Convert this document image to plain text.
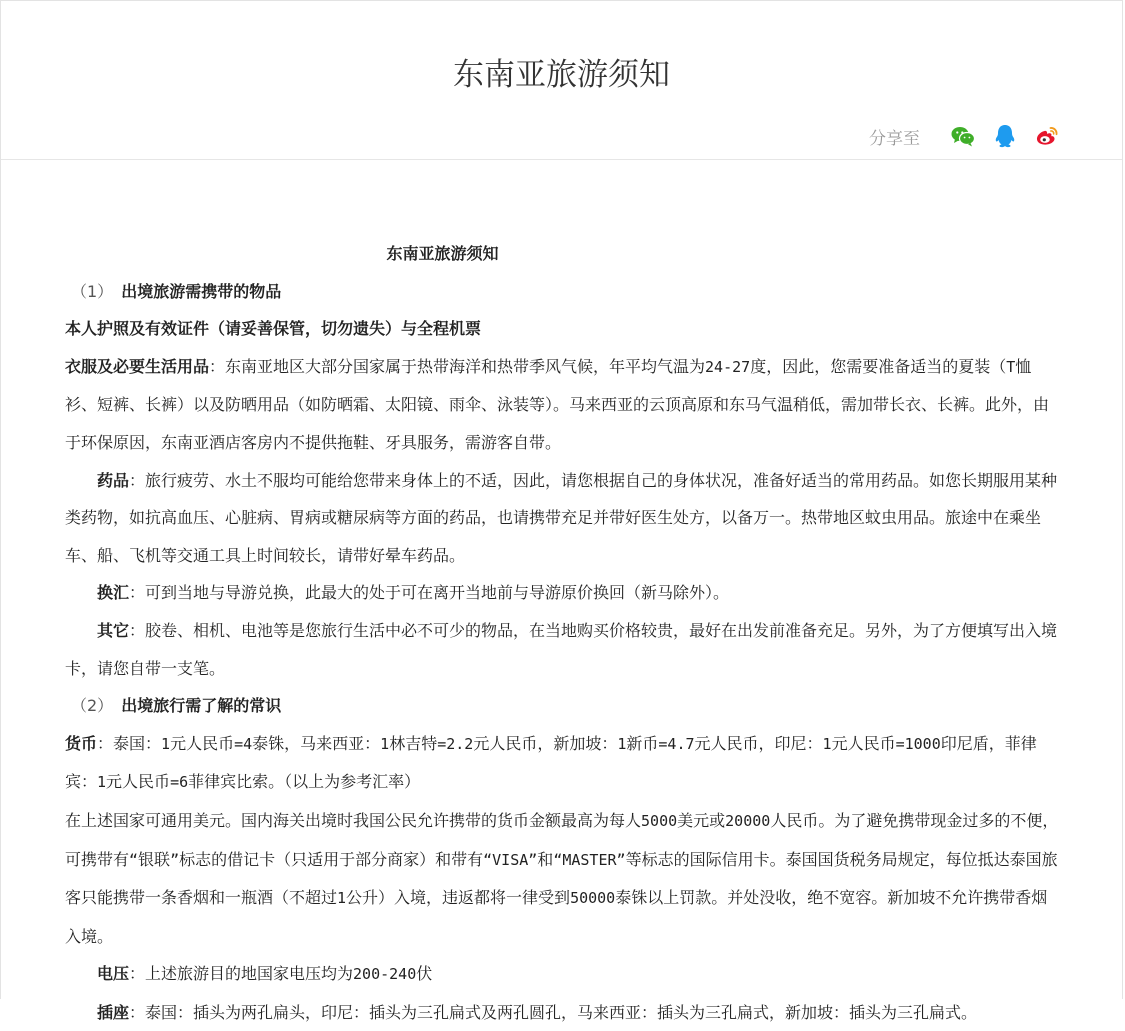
东南亚旅游须知
分享至

东南亚旅游须知

（1） 出境旅游需携带的物品

本人护照及有效证件（请妥善保管，切勿遗失）与全程机票

衣服及必要生活用品：东南亚地区大部分国家属于热带海洋和热带季风气候，年平均气温为24-27度，因此，您需要准备适当的夏装（T恤衫、短裤、长裤）以及防晒用品（如防晒霜、太阳镜、雨伞、泳装等）。马来西亚的云顶高原和东马气温稍低，需加带长衣、长裤。此外，由于环保原因，东南亚酒店客房内不提供拖鞋、牙具服务，需游客自带。

药品：旅行疲劳、水土不服均可能给您带来身体上的不适，因此，请您根据自己的身体状况，准备好适当的常用药品。如您长期服用某种类药物，如抗高血压、心脏病、胃病或糖尿病等方面的药品，也请携带充足并带好医生处方，以备万一。热带地区蚊虫用品。旅途中在乘坐车、船、飞机等交通工具上时间较长，请带好晕车药品。

换汇：可到当地与导游兑换，此最大的处于可在离开当地前与导游原价换回（新马除外）。

其它：胶卷、相机、电池等是您旅行生活中必不可少的物品，在当地购买价格较贵，最好在出发前准备充足。另外，为了方便填写出入境卡，请您自带一支笔。

（2） 出境旅行需了解的常识

货币：泰国：1元人民币=4泰铢，马来西亚：1林吉特=2.2元人民币，新加坡：1新币=4.7元人民币，印尼：1元人民币=1000印尼盾，菲律宾：1元人民币=6菲律宾比索。（以上为参考汇率）

在上述国家可通用美元。国内海关出境时我国公民允许携带的货币金额最高为每人5000美元或20000人民币。为了避免携带现金过多的不便，可携带有“银联”标志的借记卡（只适用于部分商家）和带有“VISA”和“MASTER”等标志的国际信用卡。泰国国货税务局规定，每位抵达泰国旅客只能携带一条香烟和一瓶酒（不超过1公升）入境，违返都将一律受到50000泰铢以上罚款。并处没收，绝不宽容。新加坡不允许携带香烟入境。

电压：上述旅游目的地国家电压均为200-240伏

插座：泰国：插头为两孔扁头，印尼：插头为三孔扁式及两孔圆孔，马来西亚：插头为三孔扁式，新加坡：插头为三孔扁式。
